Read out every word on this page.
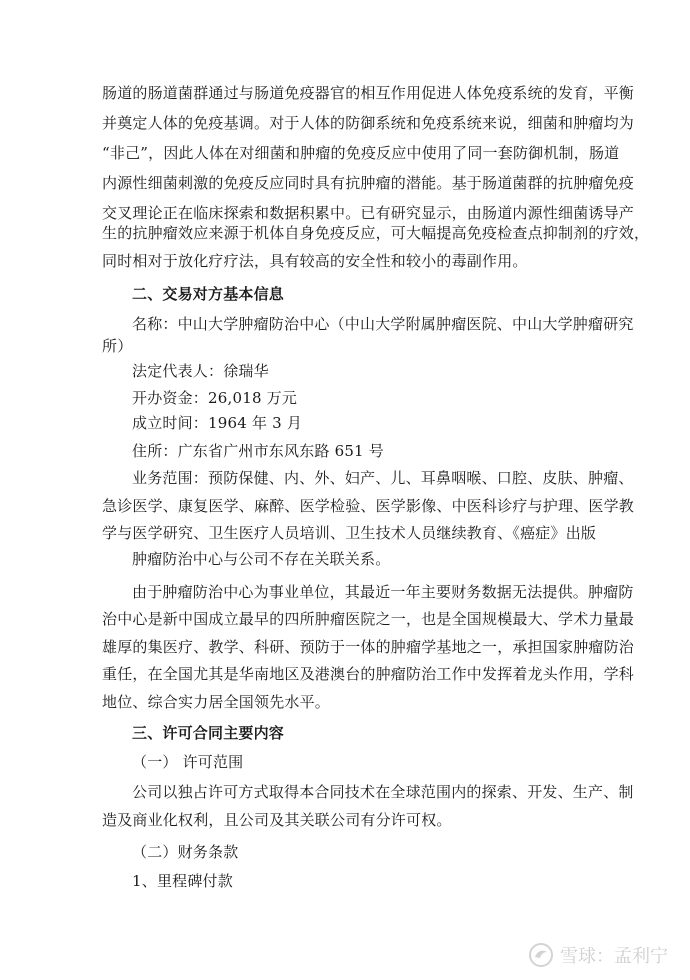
肠道的肠道菌群通过与肠道免疫器官的相互作用促进人体免疫系统的发育，平衡
并奠定人体的免疫基调。对于人体的防御系统和免疫系统来说，细菌和肿瘤均为
“非己”，因此人体在对细菌和肿瘤的免疫反应中使用了同一套防御机制，肠道
内源性细菌刺激的免疫反应同时具有抗肿瘤的潜能。基于肠道菌群的抗肿瘤免疫
交叉理论正在临床探索和数据积累中。已有研究显示，由肠道内源性细菌诱导产
生的抗肿瘤效应来源于机体自身免疫反应，可大幅提高免疫检查点抑制剂的疗效，
同时相对于放化疗疗法，具有较高的安全性和较小的毒副作用。
二、交易对方基本信息
名称：中山大学肿瘤防治中心（中山大学附属肿瘤医院、中山大学肿瘤研究
所）
法定代表人：徐瑞华
开办资金：26,018 万元
成立时间：1964 年 3 月
住所：广东省广州市东风东路 651 号
业务范围：预防保健、内、外、妇产、儿、耳鼻咽喉、口腔、皮肤、肿瘤、
急诊医学、康复医学、麻醉、医学检验、医学影像、中医科诊疗与护理、医学教
学与医学研究、卫生医疗人员培训、卫生技术人员继续教育、《癌症》出版
肿瘤防治中心与公司不存在关联关系。
由于肿瘤防治中心为事业单位，其最近一年主要财务数据无法提供。肿瘤防
治中心是新中国成立最早的四所肿瘤医院之一，也是全国规模最大、学术力量最
雄厚的集医疗、教学、科研、预防于一体的肿瘤学基地之一，承担国家肿瘤防治
重任，在全国尤其是华南地区及港澳台的肿瘤防治工作中发挥着龙头作用，学科
地位、综合实力居全国领先水平。
三、许可合同主要内容
（一） 许可范围
公司以独占许可方式取得本合同技术在全球范围内的探索、开发、生产、制
造及商业化权利，且公司及其关联公司有分许可权。
（二）财务条款
1、里程碑付款
雪球：孟利宁
